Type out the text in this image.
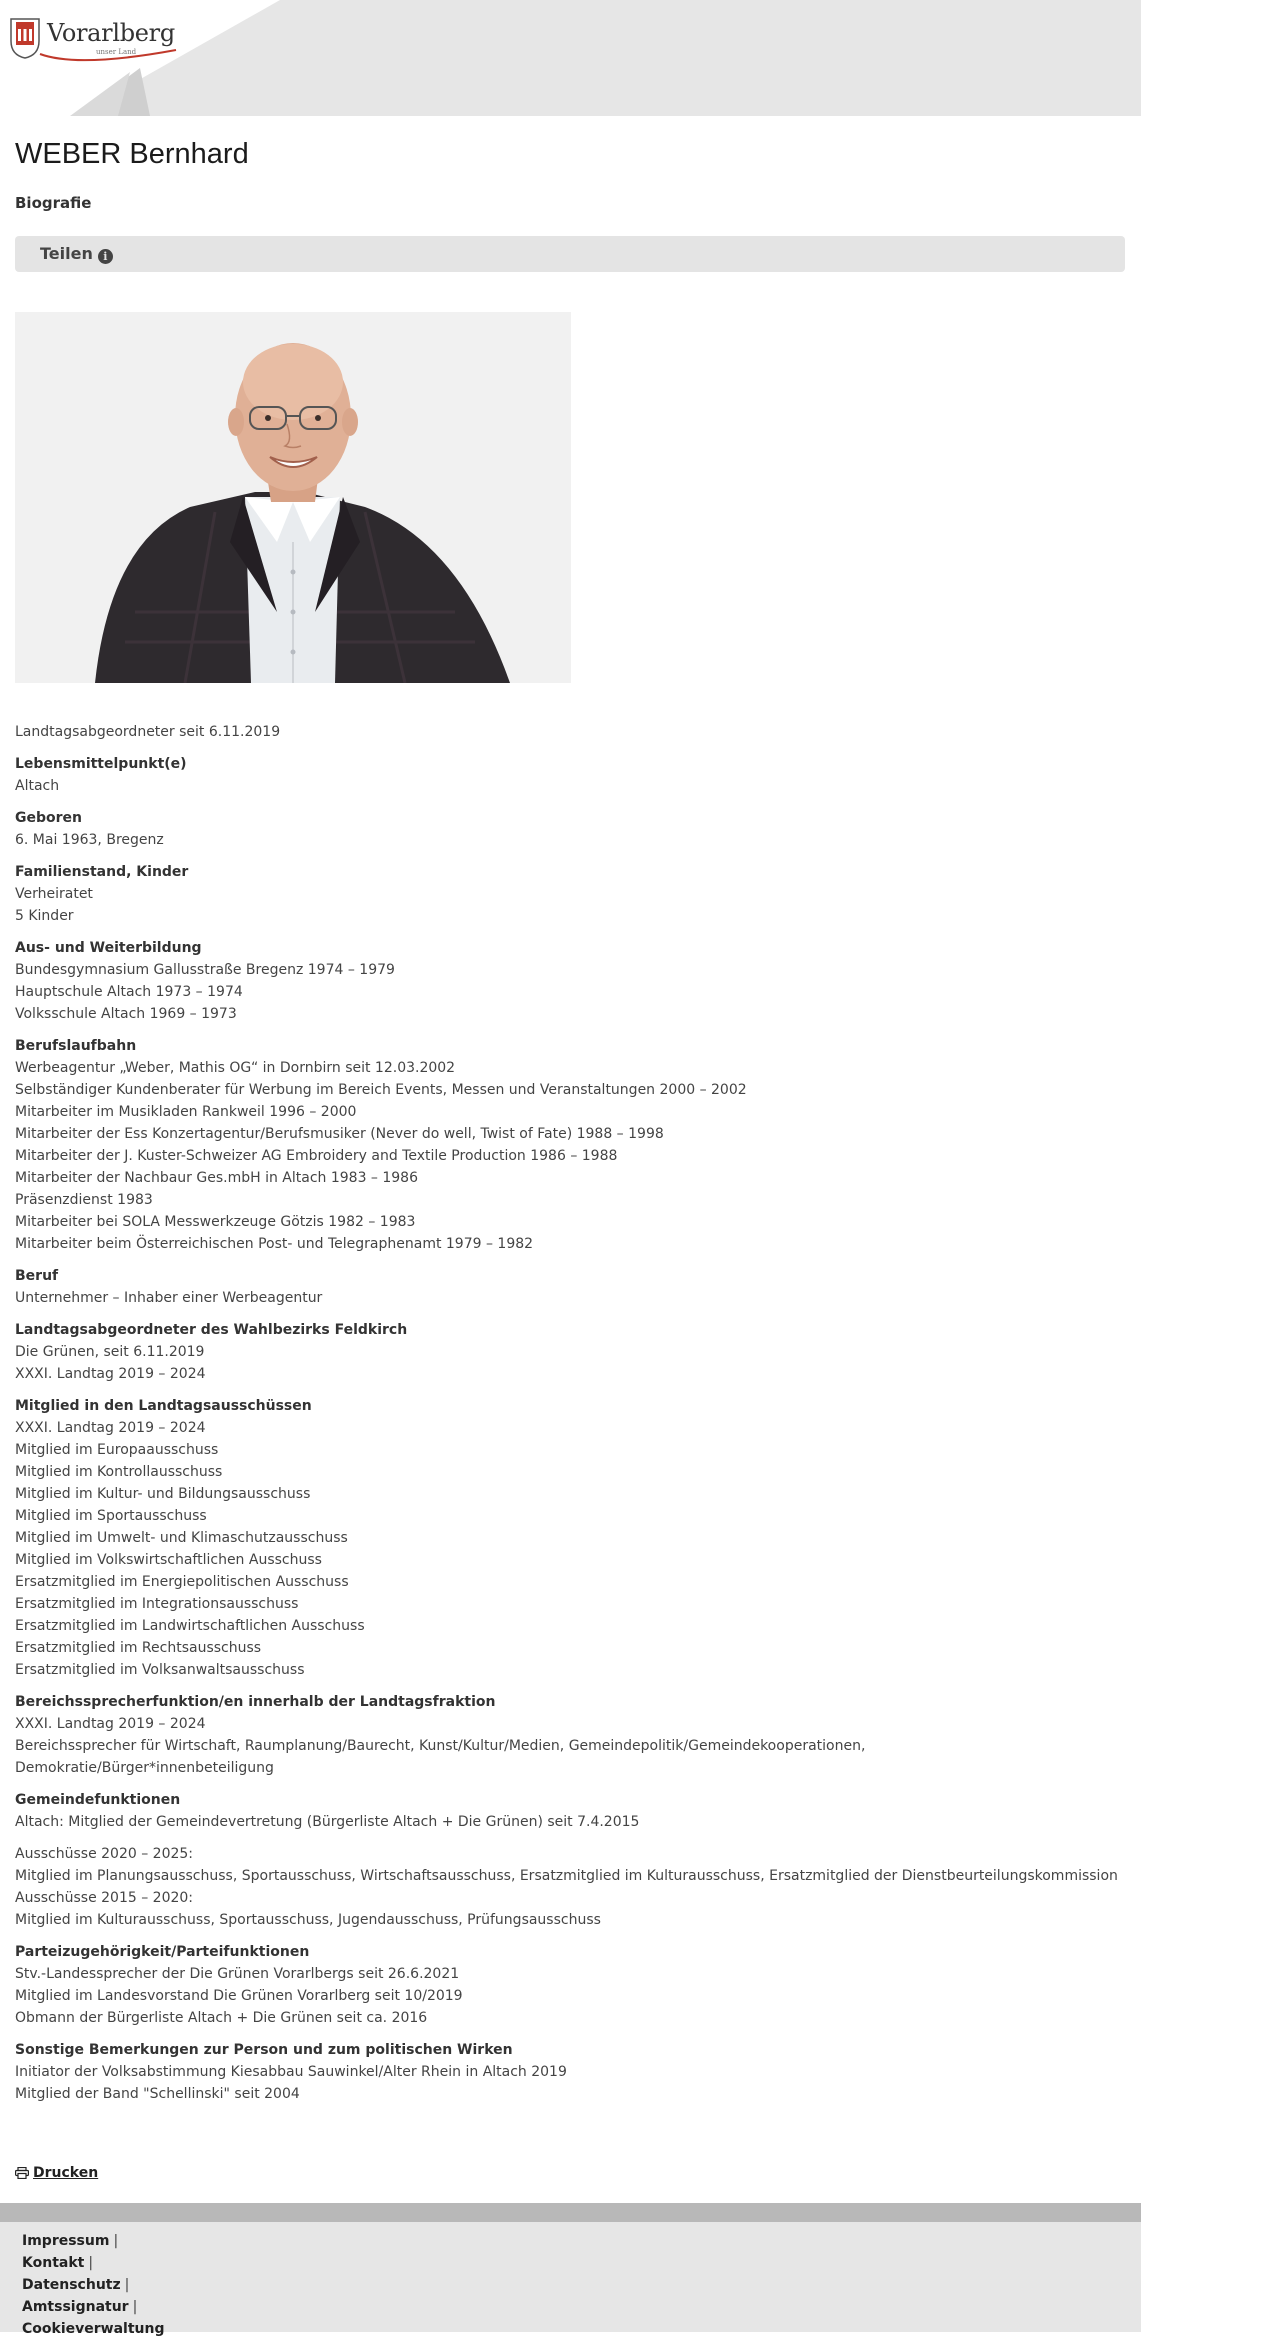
Vorarlberg
unser Land
WEBER Bernhard
Biografie
Teilen i
Landtagsabgeordneter seit 6.11.2019
Lebensmittelpunkt(e)
Altach
Geboren
6. Mai 1963, Bregenz
Familienstand, Kinder
Verheiratet
5 Kinder
Aus- und Weiterbildung
Bundesgymnasium Gallusstraße Bregenz 1974 – 1979
Hauptschule Altach 1973 – 1974
Volksschule Altach 1969 – 1973
Berufslaufbahn
Werbeagentur „Weber, Mathis OG“ in Dornbirn seit 12.03.2002
Selbständiger Kundenberater für Werbung im Bereich Events, Messen und Veranstaltungen 2000 – 2002
Mitarbeiter im Musikladen Rankweil 1996 – 2000
Mitarbeiter der Ess Konzertagentur/Berufsmusiker (Never do well, Twist of Fate) 1988 – 1998
Mitarbeiter der J. Kuster-Schweizer AG Embroidery and Textile Production 1986 – 1988
Mitarbeiter der Nachbaur Ges.mbH in Altach 1983 – 1986
Präsenzdienst 1983
Mitarbeiter bei SOLA Messwerkzeuge Götzis 1982 – 1983
Mitarbeiter beim Österreichischen Post- und Telegraphenamt 1979 – 1982
Beruf
Unternehmer – Inhaber einer Werbeagentur
Landtagsabgeordneter des Wahlbezirks Feldkirch
Die Grünen, seit 6.11.2019
XXXI. Landtag 2019 – 2024
Mitglied in den Landtagsausschüssen
XXXI. Landtag 2019 – 2024
Mitglied im Europaausschuss
Mitglied im Kontrollausschuss
Mitglied im Kultur- und Bildungsausschuss
Mitglied im Sportausschuss
Mitglied im Umwelt- und Klimaschutzausschuss
Mitglied im Volkswirtschaftlichen Ausschuss
Ersatzmitglied im Energiepolitischen Ausschuss
Ersatzmitglied im Integrationsausschuss
Ersatzmitglied im Landwirtschaftlichen Ausschuss
Ersatzmitglied im Rechtsausschuss
Ersatzmitglied im Volksanwaltsausschuss
Bereichssprecherfunktion/en innerhalb der Landtagsfraktion
XXXI. Landtag 2019 – 2024
Bereichssprecher für Wirtschaft, Raumplanung/Baurecht, Kunst/Kultur/Medien, Gemeindepolitik/Gemeindekooperationen, Demokratie/Bürger*innenbeteiligung
Gemeindefunktionen
Altach: Mitglied der Gemeindevertretung (Bürgerliste Altach + Die Grünen) seit 7.4.2015
Ausschüsse 2020 – 2025:
Mitglied im Planungsausschuss, Sportausschuss, Wirtschaftsausschuss, Ersatzmitglied im Kulturausschuss, Ersatzmitglied der Dienstbeurteilungskommission
Ausschüsse 2015 – 2020:
Mitglied im Kulturausschuss, Sportausschuss, Jugendausschuss, Prüfungsausschuss
Parteizugehörigkeit/Parteifunktionen
Stv.-Landessprecher der Die Grünen Vorarlbergs seit 26.6.2021
Mitglied im Landesvorstand Die Grünen Vorarlberg seit 10/2019
Obmann der Bürgerliste Altach + Die Grünen seit ca. 2016
Sonstige Bemerkungen zur Person und zum politischen Wirken
Initiator der Volksabstimmung Kiesabbau Sauwinkel/Alter Rhein in Altach 2019
Mitglied der Band "Schellinski" seit 2004
Drucken
Impressum |
Kontakt |
Datenschutz |
Amtssignatur |
Cookieverwaltung
